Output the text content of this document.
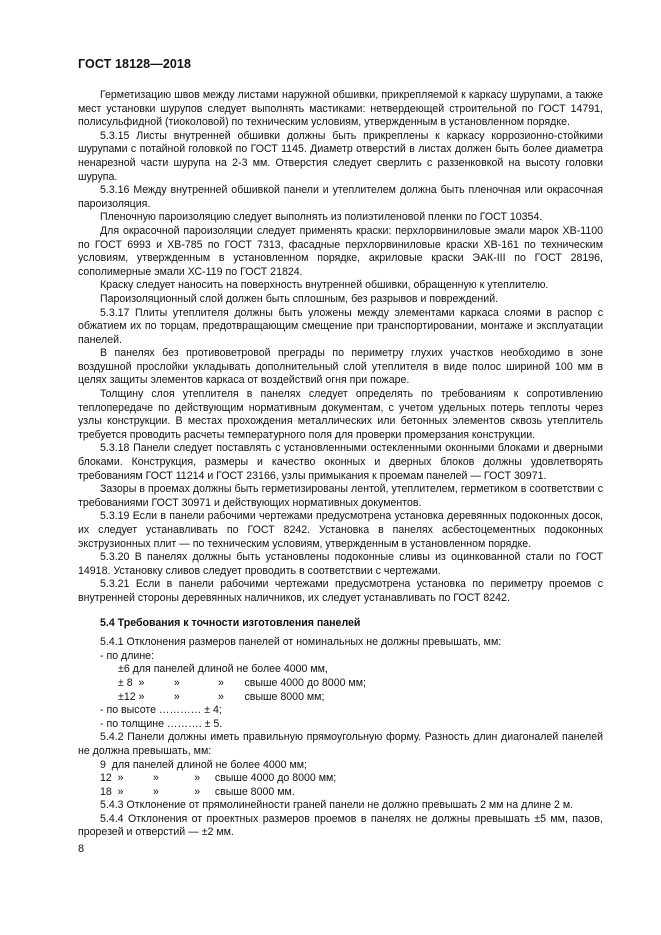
ГОСТ 18128—2018

Герметизацию швов между листами наружной обшивки, прикрепляемой к каркасу шурупами, а также мест установки шурупов следует выполнять мастиками: нетвердеющей строительной по ГОСТ 14791, полисульфидной (тиоколовой) по техническим условиям, утвержденным в установленном порядке.

5.3.15 Листы внутренней обшивки должны быть прикреплены к каркасу коррозионно-стойкими шурупами с потайной головкой по ГОСТ 1145. Диаметр отверстий в листах должен быть более диаметра ненарезной части шурупа на 2-3 мм. Отверстия следует сверлить с раззенковкой на высоту головки шурупа.

5.3.16 Между внутренней обшивкой панели и утеплителем должна быть пленочная или окрасочная пароизоляция.

Пленочную пароизоляцию следует выполнять из полиэтиленовой пленки по ГОСТ 10354.

Для окрасочной пароизоляции следует применять краски: перхлорвиниловые эмали марок ХВ-1100 по ГОСТ 6993 и ХВ-785 по ГОСТ 7313, фасадные перхлорвиниловые краски ХВ-161 по техническим условиям, утвержденным в установленном порядке, акриловые краски ЭАК-III по ГОСТ 28196, сополимерные эмали ХС-119 по ГОСТ 21824.

Краску следует наносить на поверхность внутренней обшивки, обращенную к утеплителю.

Пароизоляционный слой должен быть сплошным, без разрывов и повреждений.

5.3.17 Плиты утеплителя должны быть уложены между элементами каркаса слоями в распор с обжатием их по торцам, предотвращающим смещение при транспортировании, монтаже и эксплуатации панелей.

В панелях без противоветровой преграды по периметру глухих участков необходимо в зоне воздушной прослойки укладывать дополнительный слой утеплителя в виде полос шириной 100 мм в целях защиты элементов каркаса от воздействий огня при пожаре.

Толщину слоя утеплителя в панелях следует определять по требованиям к сопротивлению теплопередаче по действующим нормативным документам, с учетом удельных потерь теплоты через узлы конструкции. В местах прохождения металлических или бетонных элементов сквозь утеплитель требуется проводить расчеты температурного поля для проверки промерзания конструкции.

5.3.18 Панели следует поставлять с установленными остекленными оконными блоками и дверными блоками. Конструкция, размеры и качество оконных и дверных блоков должны удовлетворять требованиям ГОСТ 11214 и ГОСТ 23166, узлы примыкания к проемам панелей — ГОСТ 30971.

Зазоры в проемах должны быть герметизированы лентой, утеплителем, герметиком в соответствии с требованиями ГОСТ 30971 и действующих нормативных документов.

5.3.19 Если в панели рабочими чертежами предусмотрена установка деревянных подоконных досок, их следует устанавливать по ГОСТ 8242. Установка в панелях асбестоцементных подоконных экструзионных плит — по техническим условиям, утвержденным в установленном порядке.

5.3.20 В панелях должны быть установлены подоконные сливы из оцинкованной стали по ГОСТ 14918. Установку сливов следует проводить в соответствии с чертежами.

5.3.21 Если в панели рабочими чертежами предусмотрена установка по периметру проемов с внутренней стороны деревянных наличников, их следует устанавливать по ГОСТ 8242.

5.4 Требования к точности изготовления панелей

5.4.1 Отклонения размеров панелей от номинальных не должны превышать, мм:

- по длине:
±6 для панелей длиной не более 4000 мм,
± 8  »          »             »       свыше 4000 до 8000 мм;
±12 »          »             »       свыше 8000 мм;
- по высоте ………… ± 4;
- по толщине ………. ± 5.

5.4.2 Панели должны иметь правильную прямоугольную форму. Разность длин диагоналей панелей не должна превышать, мм:

9  для панелей длиной не более 4000 мм;
12  »          »            »     свыше 4000 до 8000 мм;
18  »          »            »     свыше 8000 мм.

5.4.3 Отклонение от прямолинейности граней панели не должно превышать 2 мм на длине 2 м.

5.4.4 Отклонения от проектных размеров проемов в панелях не должны превышать ±5 мм, пазов, прорезей и отверстий — ±2 мм.

8
